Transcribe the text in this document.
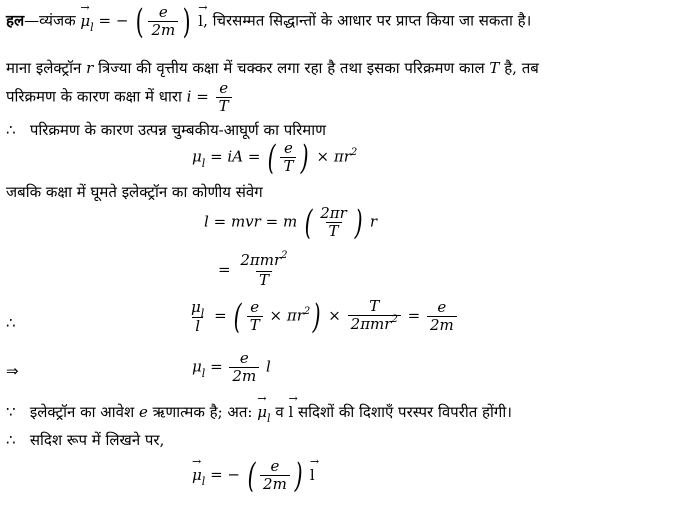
हल—व्यंजक → $\mu_l$ = − ( $\frac{e}{2m}$ ) → l, चिरसम्मत सिद्धान्तों के आधार पर प्राप्त किया जा सकता है।
माना इलेक्ट्रॉन r त्रिज्या की वृत्तीय कक्षा में चक्कर लगा रहा है तथा इसका परिक्रमण काल T है, तब
परिक्रमण के कारण कक्षा में धारा $i = \frac{e}{T}$
∴ परिक्रमण के कारण उत्पन्न चुम्बकीय-आघूर्ण का परिमाण
$\mu_l$ = iA = ( $\frac{e}{T}$ ) × $\pi r^2$
जबकि कक्षा में घूमते इलेक्ट्रॉन का कोणीय संवेग
l = mvr = m ( $\frac{2\pi r}{T}$ ) r
= $\frac{2\pi mr^2}{T}$
∴	$\frac{\mu_l}{l}$ = ( $\frac{e}{T} \times \pi r^2) \times \frac{T}{2\pi mr^2} = \frac{e}{2m}$
⇒	$\mu_l = \frac{e}{2m}$ l
∵ इलेक्ट्रॉन का आवेश e ऋणात्मक है; अत: → $\mu_l$ व → l सदिशों की दिशाएँ परस्पर विपरीत होंगी।
∴ सदिश रूप में लिखने पर,
→ $\mu_l$ = − ( $\frac{e}{2m}$ ) → l
